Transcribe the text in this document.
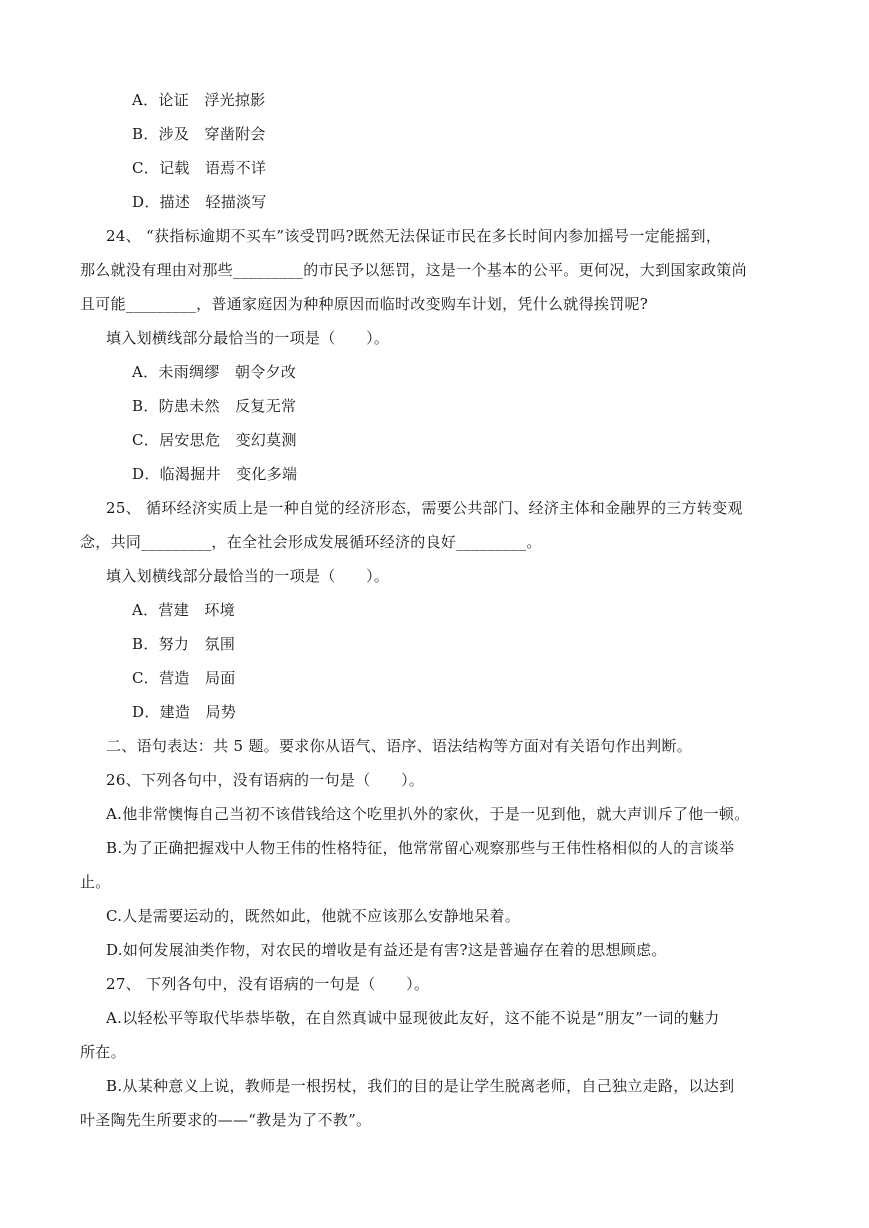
A．论证　浮光掠影
B．涉及　穿凿附会
C．记载　语焉不详
D．描述　轻描淡写
24、 “获指标逾期不买车”该受罚吗?既然无法保证市民在多长时间内参加摇号一定能摇到，
那么就没有理由对那些_________的市民予以惩罚，这是一个基本的公平。更何况，大到国家政策尚
且可能_________，普通家庭因为种种原因而临时改变购车计划，凭什么就得挨罚呢?
填入划横线部分最恰当的一项是（　　）。
A．未雨绸缪　朝令夕改
B．防患未然　反复无常
C．居安思危　变幻莫测
D．临渴掘井　变化多端
25、 循环经济实质上是一种自觉的经济形态，需要公共部门、经济主体和金融界的三方转变观
念，共同_________，在全社会形成发展循环经济的良好_________。
填入划横线部分最恰当的一项是（　　）。
A．营建　环境
B．努力　氛围
C．营造　局面
D．建造　局势
二、语句表达：共 5 题。要求你从语气、语序、语法结构等方面对有关语句作出判断。
26、下列各句中，没有语病的一句是（　　）。
A.他非常懊悔自己当初不该借钱给这个吃里扒外的家伙，于是一见到他，就大声训斥了他一顿。
B.为了正确把握戏中人物王伟的性格特征，他常常留心观察那些与王伟性格相似的人的言谈举
止。
C.人是需要运动的，既然如此，他就不应该那么安静地呆着。
D.如何发展油类作物，对农民的增收是有益还是有害?这是普遍存在着的思想顾虑。
27、 下列各句中，没有语病的一句是（　　）。
A.以轻松平等取代毕恭毕敬，在自然真诚中显现彼此友好，这不能不说是“朋友”一词的魅力
所在。
B.从某种意义上说，教师是一根拐杖，我们的目的是让学生脱离老师，自己独立走路，以达到
叶圣陶先生所要求的——“教是为了不教”。
